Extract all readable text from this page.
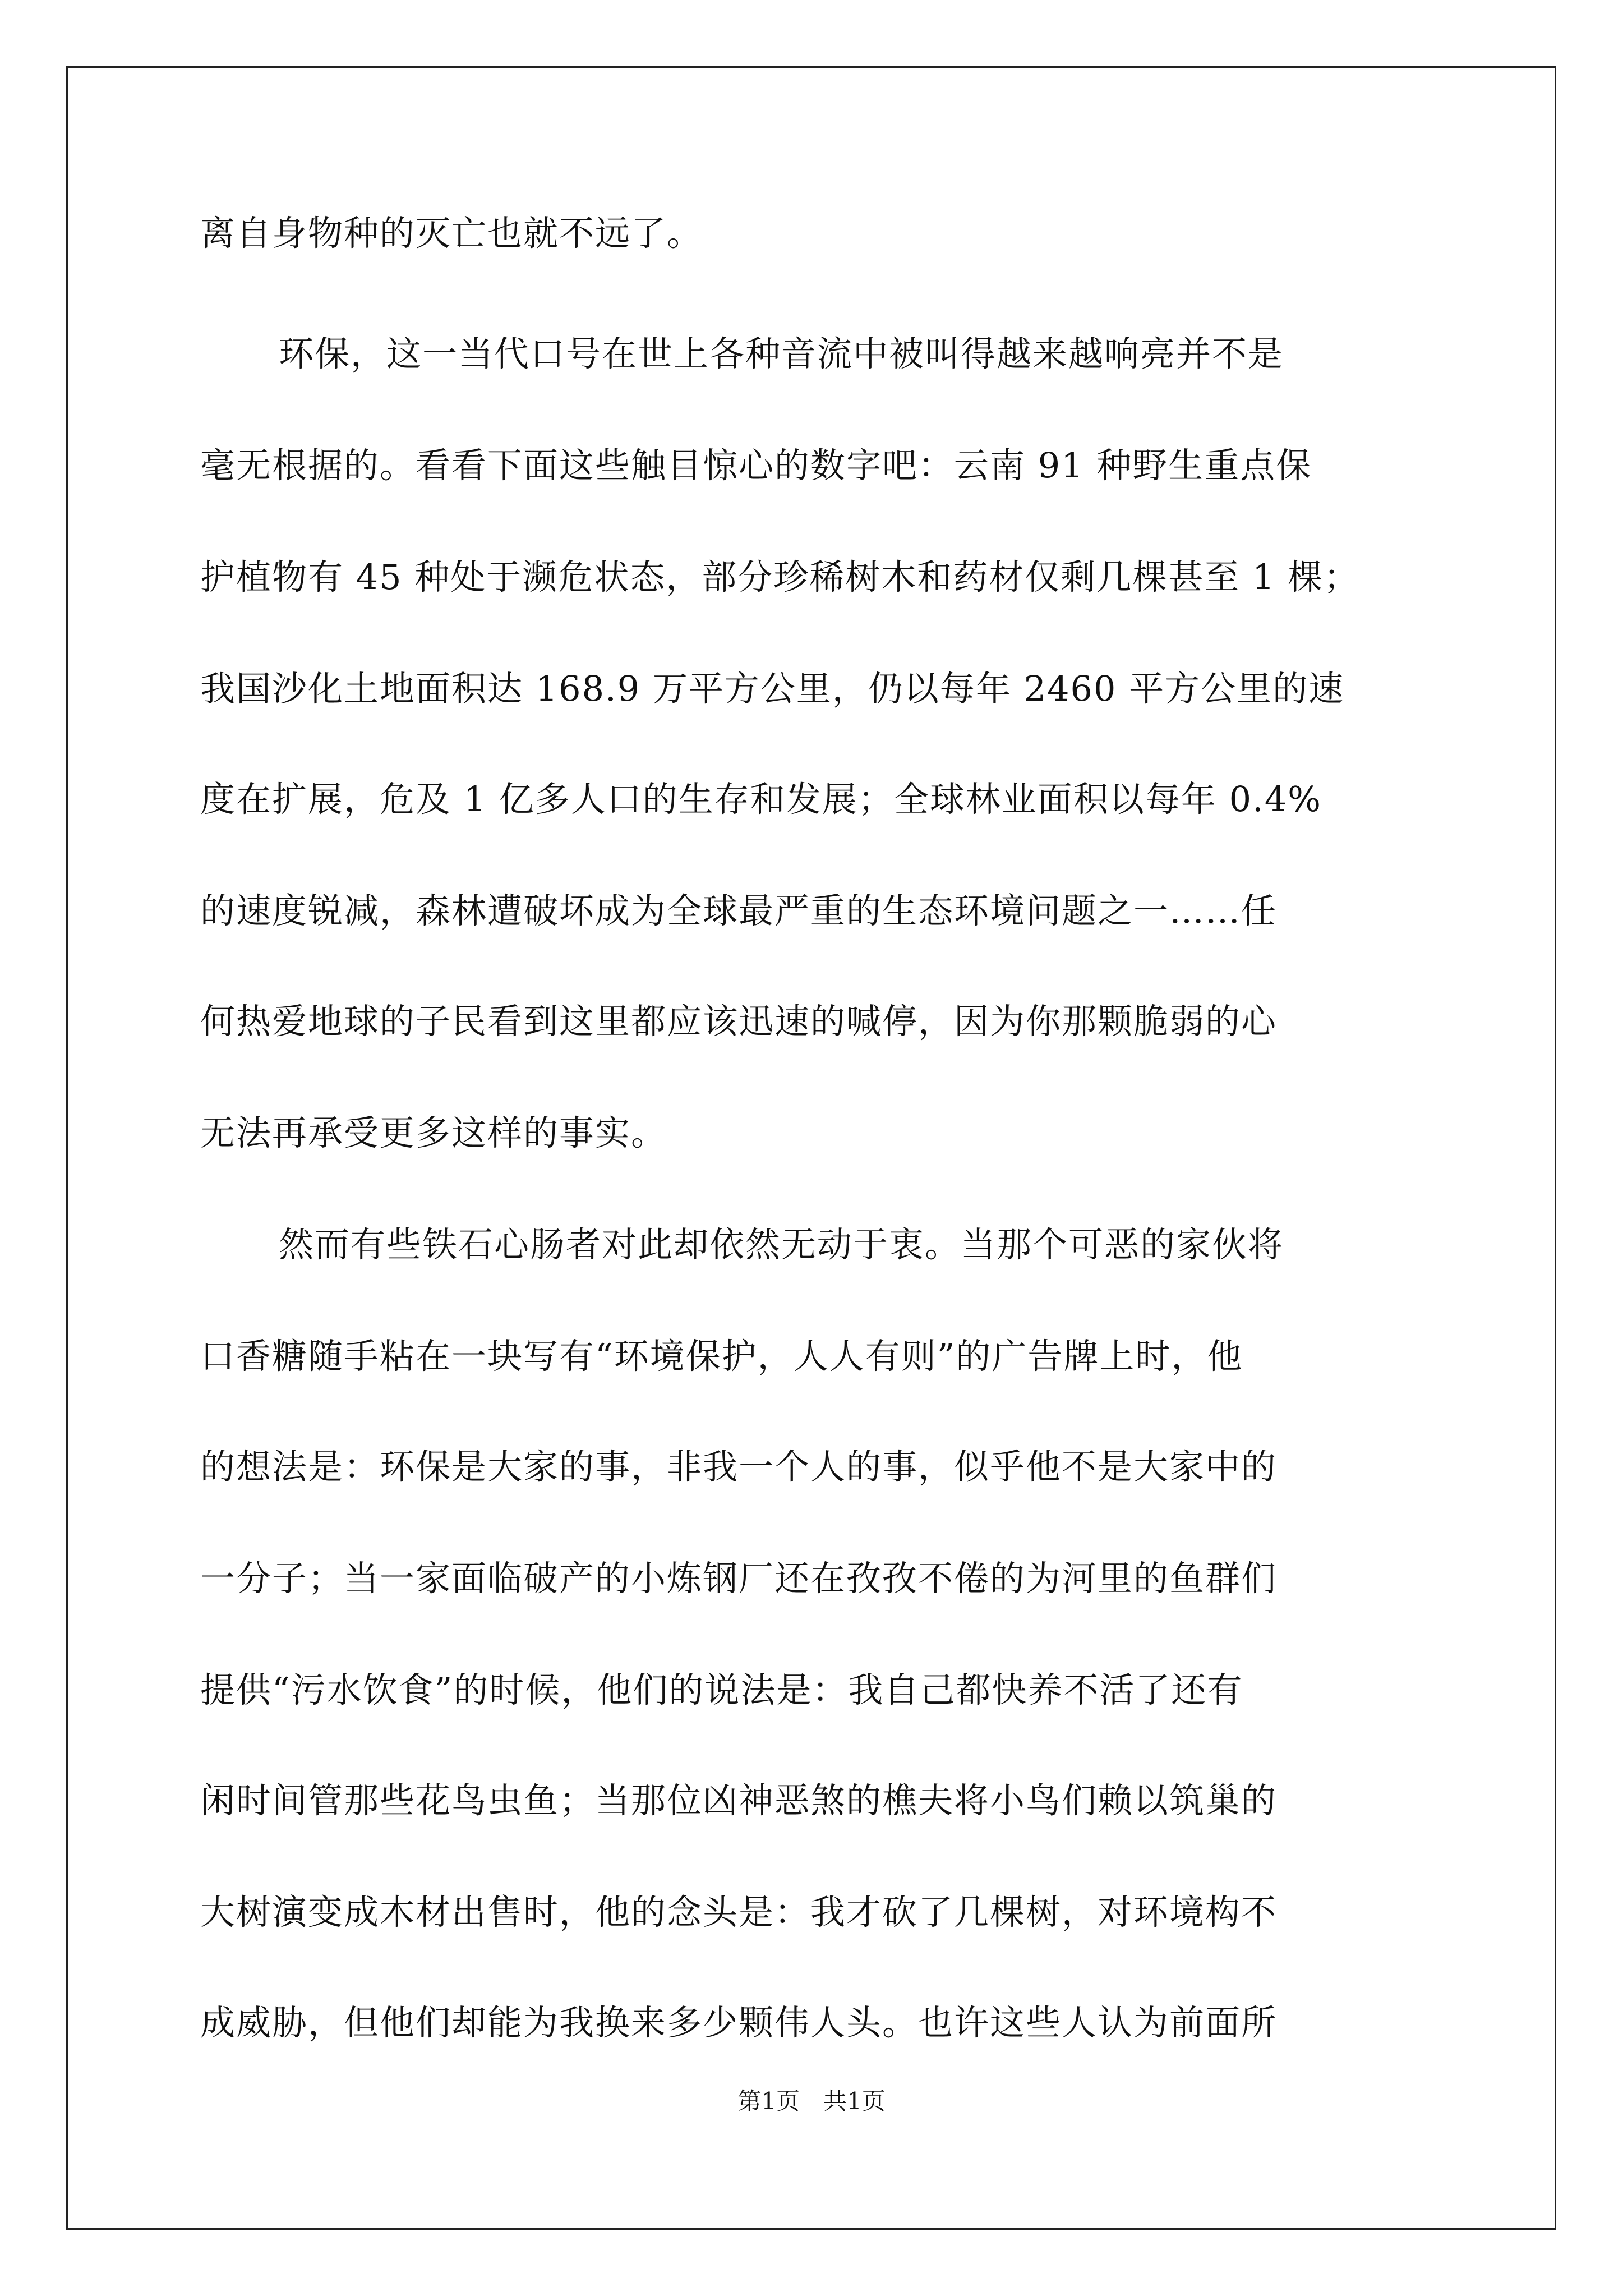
离自身物种的灭亡也就不远了。
环保，这一当代口号在世上各种音流中被叫得越来越响亮并不是
毫无根据的。看看下面这些触目惊心的数字吧：云南 91 种野生重点保
护植物有 45 种处于濒危状态，部分珍稀树木和药材仅剩几棵甚至 1 棵；
我国沙化土地面积达 168.9 万平方公里，仍以每年 2460 平方公里的速
度在扩展，危及 1 亿多人口的生存和发展；全球林业面积以每年 0.4%
的速度锐减，森林遭破坏成为全球最严重的生态环境问题之一……任
何热爱地球的子民看到这里都应该迅速的喊停，因为你那颗脆弱的心
无法再承受更多这样的事实。
然而有些铁石心肠者对此却依然无动于衷。当那个可恶的家伙将
口香糖随手粘在一块写有“环境保护，人人有则”的广告牌上时，他
的想法是：环保是大家的事，非我一个人的事，似乎他不是大家中的
一分子；当一家面临破产的小炼钢厂还在孜孜不倦的为河里的鱼群们
提供“污水饮食”的时候，他们的说法是：我自己都快养不活了还有
闲时间管那些花鸟虫鱼；当那位凶神恶煞的樵夫将小鸟们赖以筑巢的
大树演变成木材出售时，他的念头是：我才砍了几棵树，对环境构不
成威胁，但他们却能为我换来多少颗伟人头。也许这些人认为前面所
第1页　共1页
